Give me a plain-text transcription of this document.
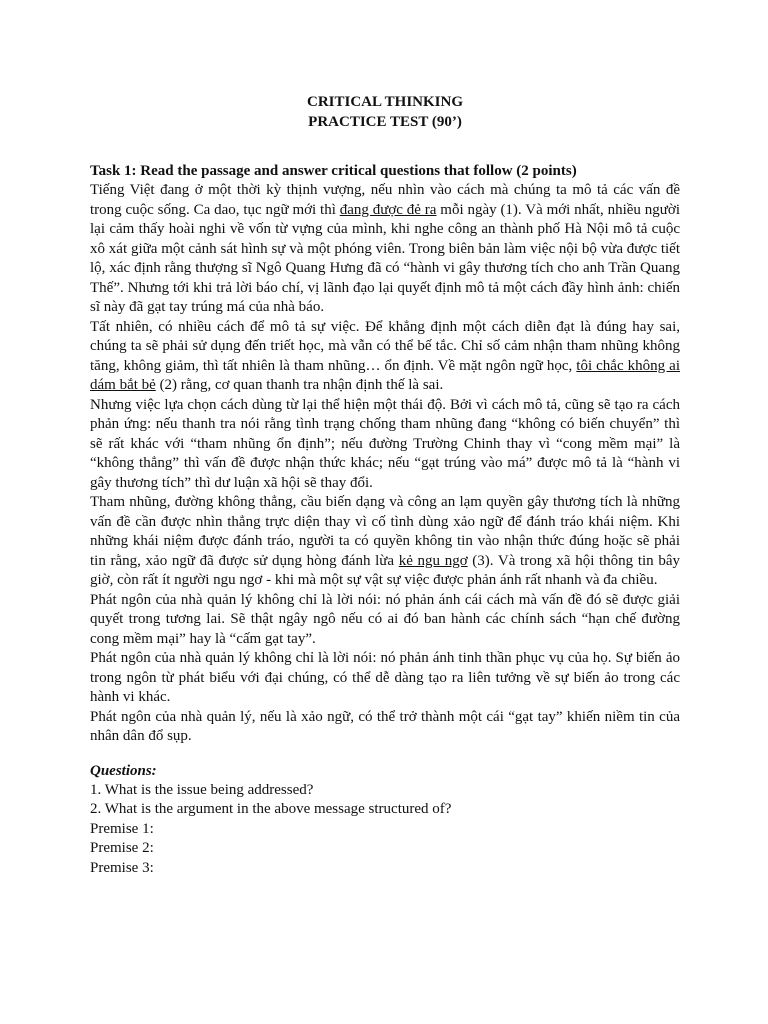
CRITICAL THINKING
PRACTICE TEST (90’)
Task 1: Read the passage and answer critical questions that follow (2 points)

Tiếng Việt đang ở một thời kỳ thịnh vượng, nếu nhìn vào cách mà chúng ta mô tả các vấn đề trong cuộc sống. Ca dao, tục ngữ mới thì đang được đẻ ra mỗi ngày (1). Và mới nhất, nhiều người lại cảm thấy hoài nghi về vốn từ vựng của mình, khi nghe công an thành phố Hà Nội mô tả cuộc xô xát giữa một cảnh sát hình sự và một phóng viên. Trong biên bản làm việc nội bộ vừa được tiết lộ, xác định rằng thượng sĩ Ngô Quang Hưng đã có “hành vi gây thương tích cho anh Trần Quang Thế”. Nhưng tới khi trả lời báo chí, vị lãnh đạo lại quyết định mô tả một cách đầy hình ảnh: chiến sĩ này đã gạt tay trúng má của nhà báo.

Tất nhiên, có nhiều cách để mô tả sự việc. Để khẳng định một cách diễn đạt là đúng hay sai, chúng ta sẽ phải sử dụng đến triết học, mà vẫn có thể bế tắc. Chỉ số cảm nhận tham nhũng không tăng, không giảm, thì tất nhiên là tham nhũng… ổn định. Về mặt ngôn ngữ học, tôi chắc không ai dám bắt bẻ (2) rằng, cơ quan thanh tra nhận định thế là sai.

Nhưng việc lựa chọn cách dùng từ lại thể hiện một thái độ. Bởi vì cách mô tả, cũng sẽ tạo ra cách phản ứng: nếu thanh tra nói rằng tình trạng chống tham nhũng đang “không có biến chuyển” thì sẽ rất khác với “tham nhũng ổn định”; nếu đường Trường Chinh thay vì “cong mềm mại” là “không thẳng” thì vấn đề được nhận thức khác; nếu “gạt trúng vào má” được mô tả là “hành vi gây thương tích” thì dư luận xã hội sẽ thay đổi.

Tham nhũng, đường không thẳng, cầu biến dạng và công an lạm quyền gây thương tích là những vấn đề cần được nhìn thẳng trực diện thay vì cố tình dùng xảo ngữ để đánh tráo khái niệm. Khi những khái niệm được đánh tráo, người ta có quyền không tin vào nhận thức đúng hoặc sẽ phải tin rằng, xảo ngữ đã được sử dụng hòng đánh lừa kẻ ngu ngơ (3). Và trong xã hội thông tin bây giờ, còn rất ít người ngu ngơ - khi mà một sự vật sự việc được phản ánh rất nhanh và đa chiều.

Phát ngôn của nhà quản lý không chỉ là lời nói: nó phản ánh cái cách mà vấn đề đó sẽ được giải quyết trong tương lai. Sẽ thật ngây ngô nếu có ai đó ban hành các chính sách “hạn chế đường cong mềm mại” hay là “cấm gạt tay”.

Phát ngôn của nhà quản lý không chỉ là lời nói: nó phản ánh tinh thần phục vụ của họ. Sự biến ảo trong ngôn từ phát biểu với đại chúng, có thể dễ dàng tạo ra liên tưởng về sự biến ảo trong các hành vi khác.

Phát ngôn của nhà quản lý, nếu là xảo ngữ, có thể trở thành một cái “gạt tay” khiến niềm tin của nhân dân đổ sụp.

Questions:
1. What is the issue being addressed?
2. What is the argument in the above message structured of?
Premise 1:
Premise 2:
Premise 3:
